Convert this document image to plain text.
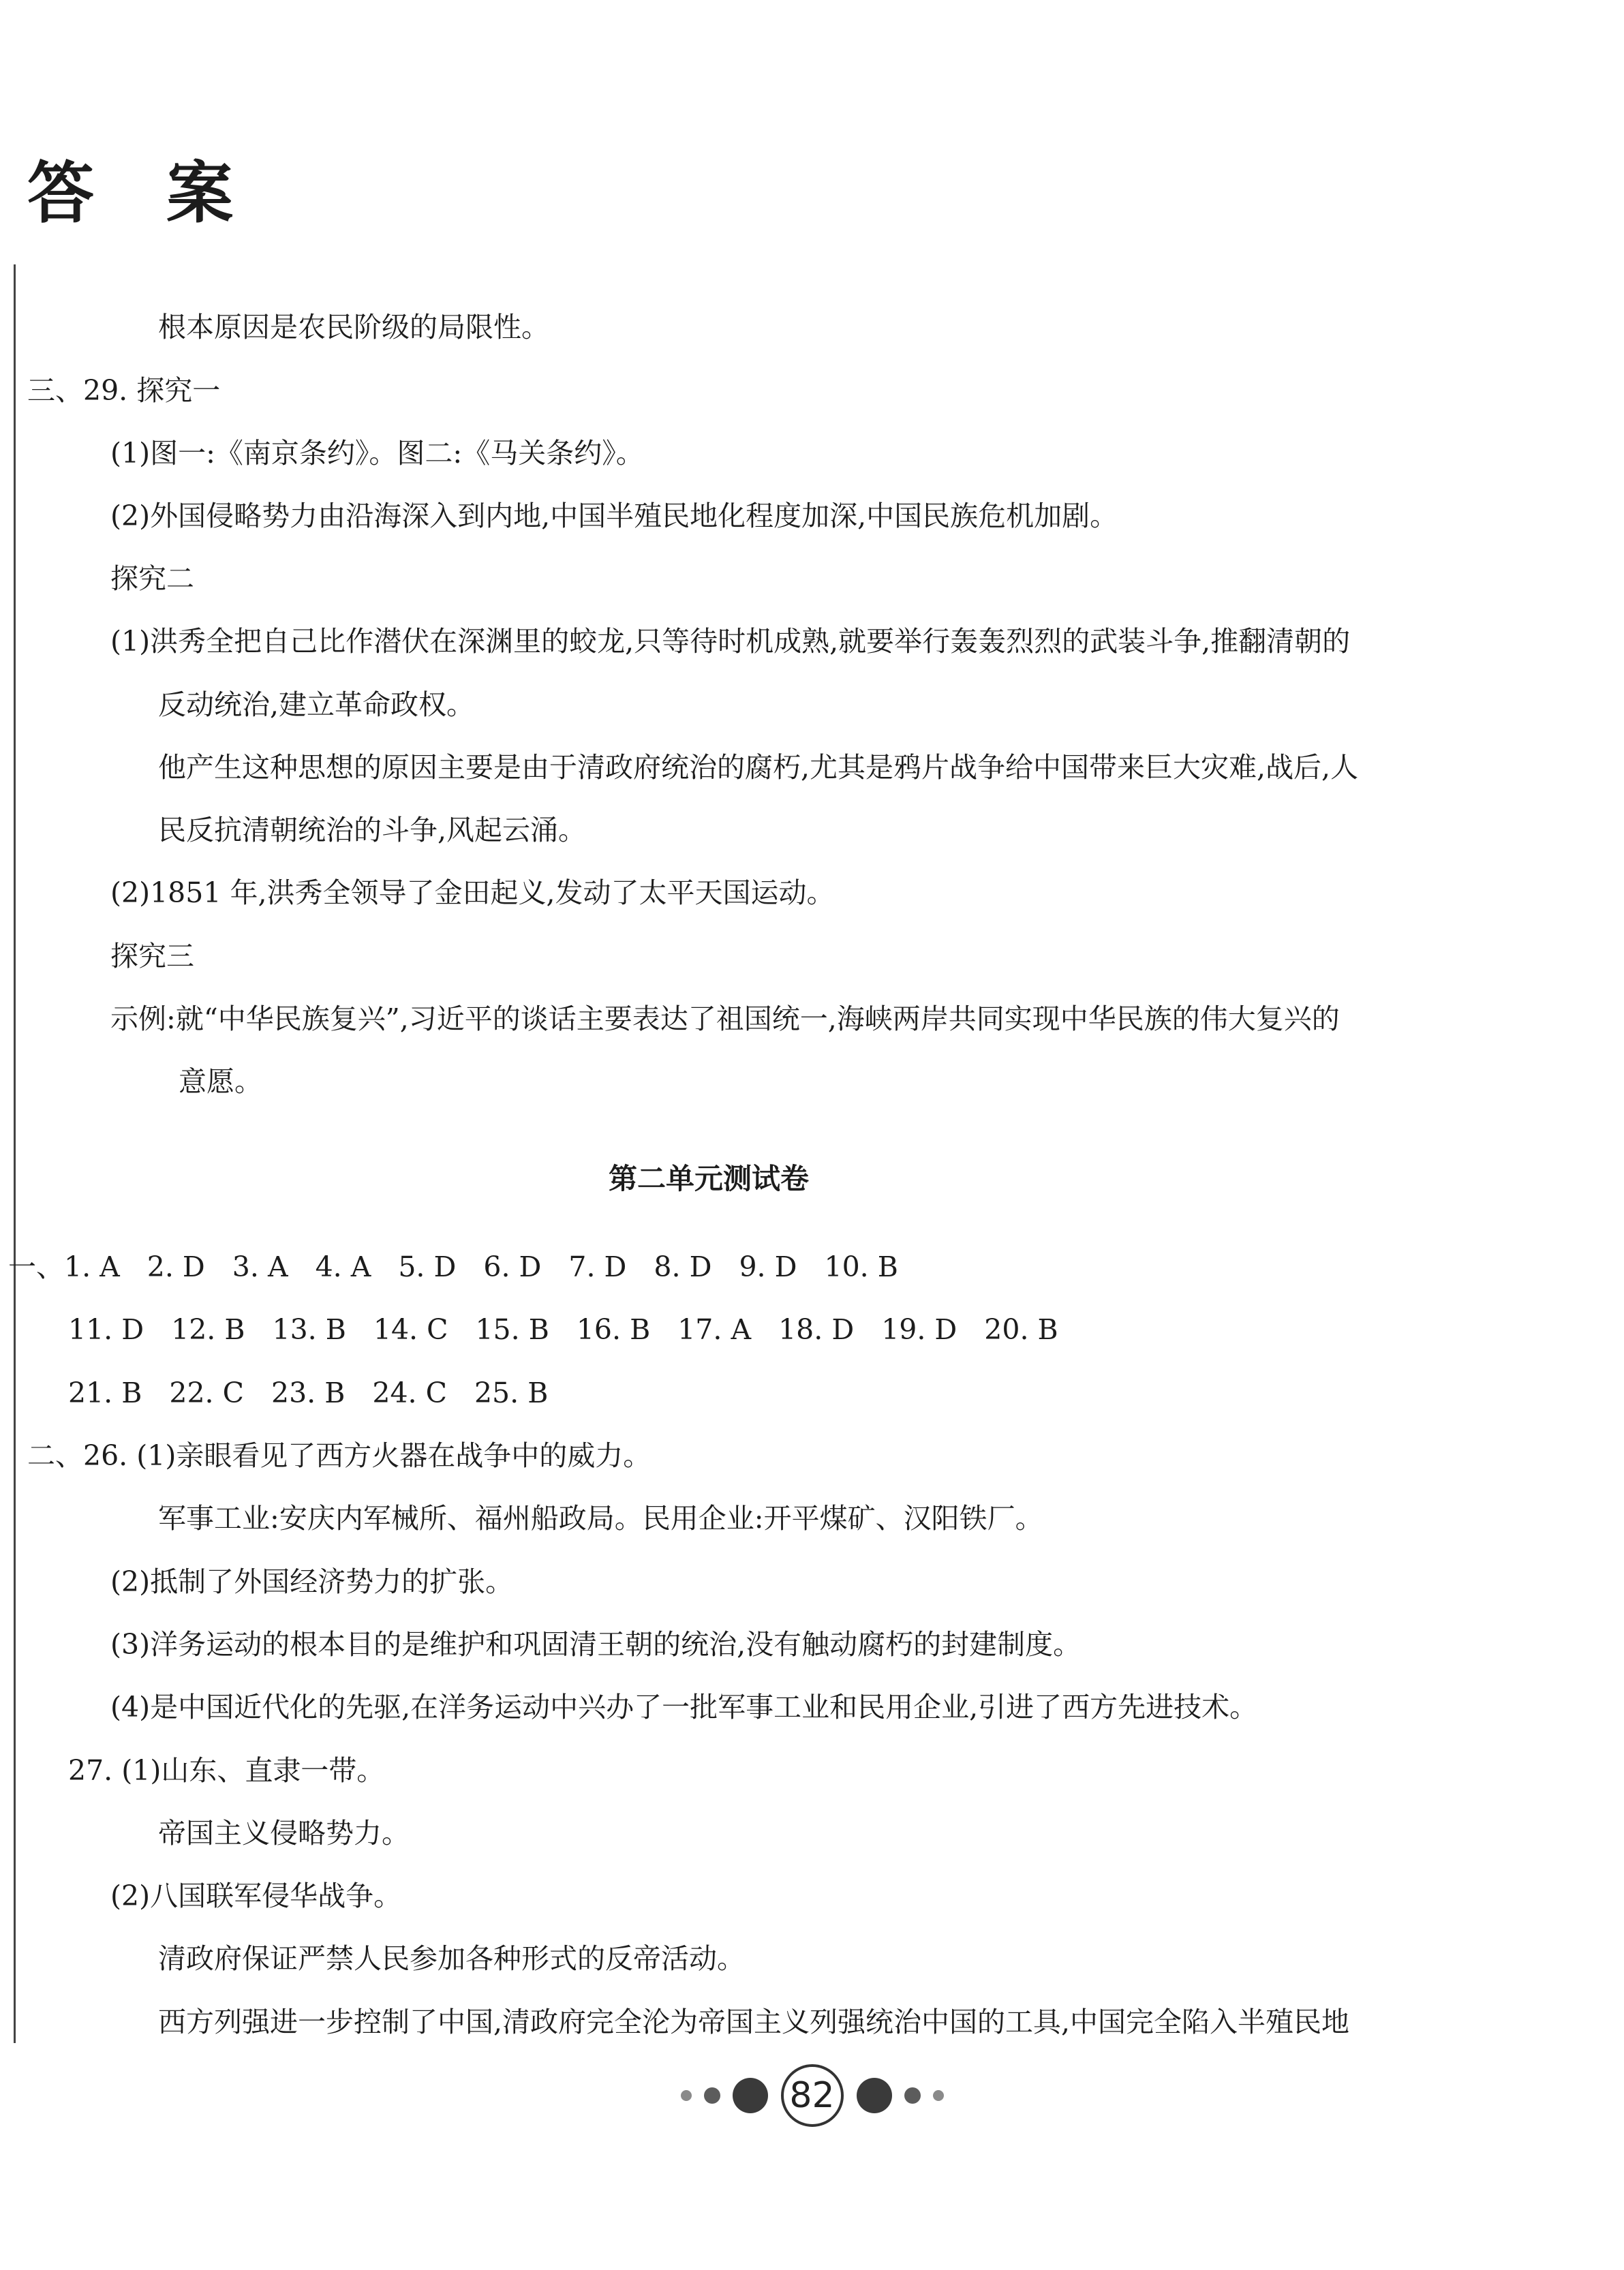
答 案
根本原因是农民阶级的局限性。
三、29. 探究一
(1)图一:《南京条约》。图二:《马关条约》。
(2)外国侵略势力由沿海深入到内地,中国半殖民地化程度加深,中国民族危机加剧。
探究二
(1)洪秀全把自己比作潜伏在深渊里的蛟龙,只等待时机成熟,就要举行轰轰烈烈的武装斗争,推翻清朝的
反动统治,建立革命政权。
他产生这种思想的原因主要是由于清政府统治的腐朽,尤其是鸦片战争给中国带来巨大灾难,战后,人
民反抗清朝统治的斗争,风起云涌。
(2)1851 年,洪秀全领导了金田起义,发动了太平天国运动。
探究三
示例:就“中华民族复兴”,习近平的谈话主要表达了祖国统一,海峡两岸共同实现中华民族的伟大复兴的
意愿。
第二单元测试卷
一、1. A 2. D 3. A 4. A 5. D 6. D 7. D 8. D 9. D 10. B
11. D 12. B 13. B 14. C 15. B 16. B 17. A 18. D 19. D 20. B
21. B 22. C 23. B 24. C 25. B
二、26. (1)亲眼看见了西方火器在战争中的威力。
军事工业:安庆内军械所、福州船政局。民用企业:开平煤矿、汉阳铁厂。
(2)抵制了外国经济势力的扩张。
(3)洋务运动的根本目的是维护和巩固清王朝的统治,没有触动腐朽的封建制度。
(4)是中国近代化的先驱,在洋务运动中兴办了一批军事工业和民用企业,引进了西方先进技术。
27. (1)山东、直隶一带。
帝国主义侵略势力。
(2)八国联军侵华战争。
清政府保证严禁人民参加各种形式的反帝活动。
西方列强进一步控制了中国,清政府完全沦为帝国主义列强统治中国的工具,中国完全陷入半殖民地
82
